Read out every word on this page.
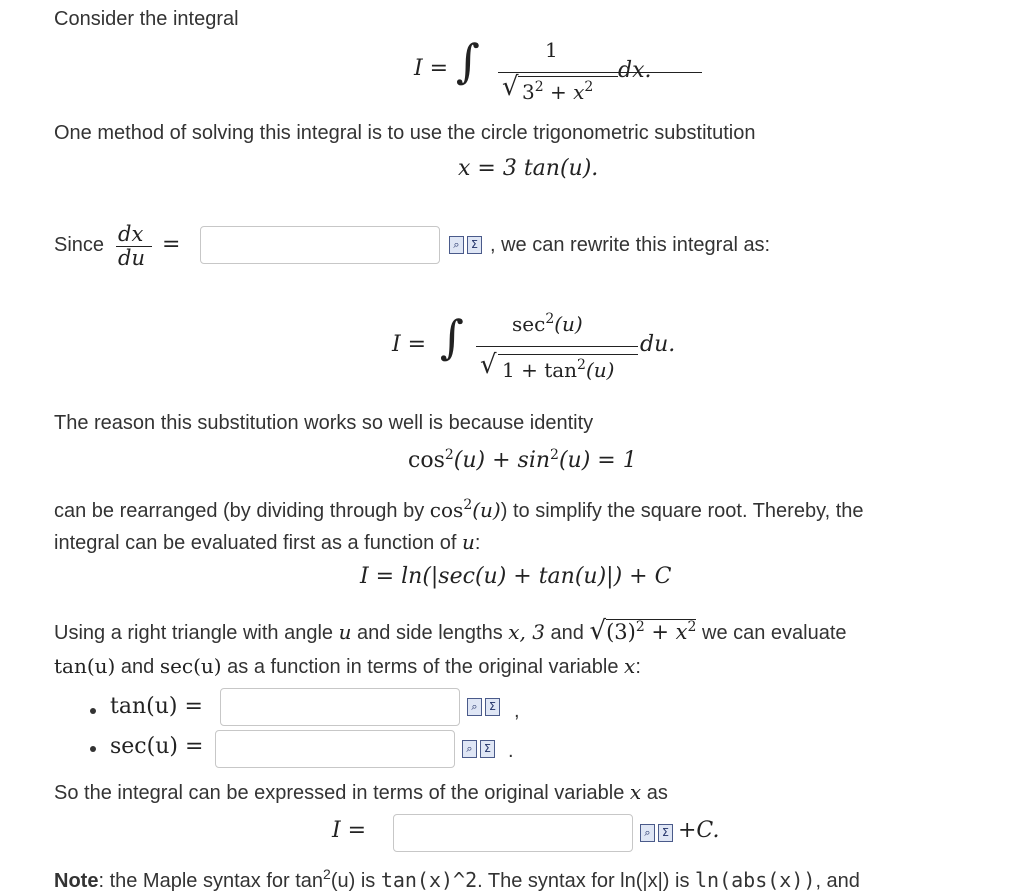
Consider the integral
I = ∫	1
√ $3^2 + x^2$
dx.
One method of solving this integral is to use the circle trigonometric substitution
x = 3 tan(u).
Since dx
du
=	⌕	Σ , we can rewrite this integral as:
I = ∫ $\sec^2(u)$
√ $1 + \tan^2(u)$
du.
The reason this substitution works so well is because identity
$\cos^2(u) + \sin^2(u) = 1$
can be rearranged (by dividing through by $\cos^2(u)$) to simplify the square root. Thereby, the
integral can be evaluated first as a function of u:
I = ln(|sec(u) + tan(u)|) + C
Using a right triangle with angle u and side lengths x, 3 and $√(3)^2 + x^2$ we can evaluate
tan(u) and sec(u) as a function in terms of the original variable x:
tan(u) =	⌕	Σ ,
sec(u) =	⌕	Σ .
So the integral can be expressed in terms of the original variable x as
I =	⌕	Σ +C.
Note: the Maple syntax for $\tan^2(u)$ is tan(x)^2. The syntax for ln(|x|) is ln(abs(x)), and
